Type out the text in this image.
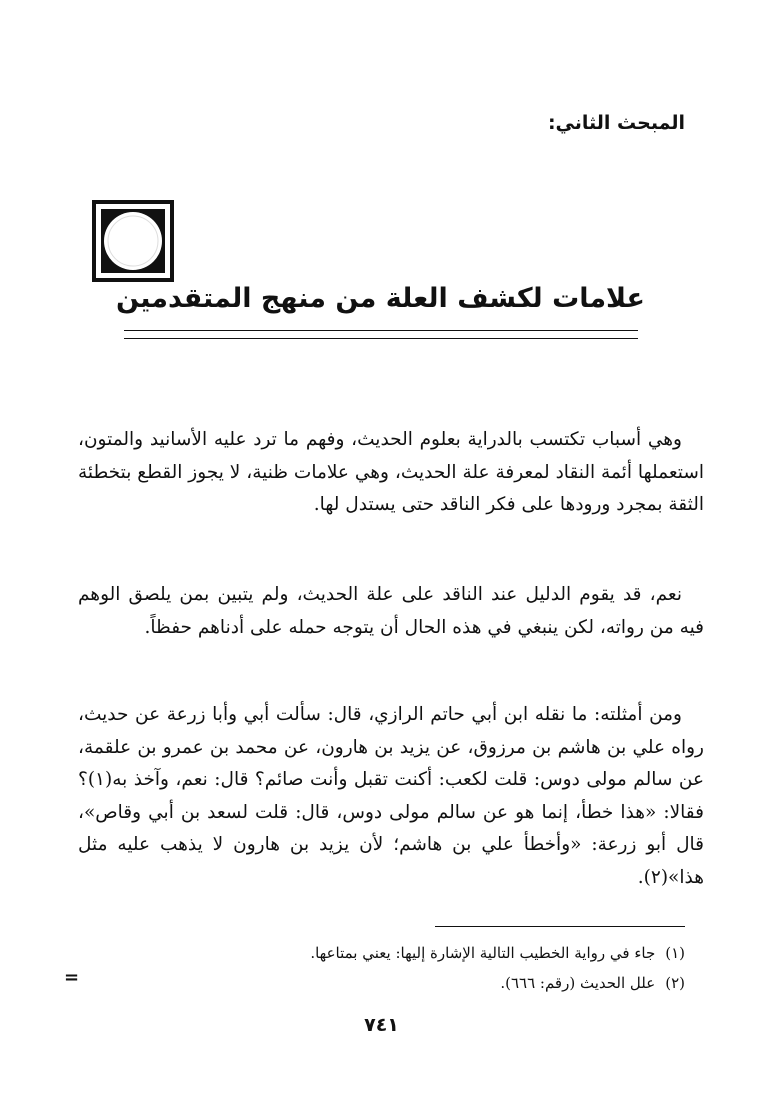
المبحث الثاني:
علامات لكشف العلة من منهج المتقدمين

وهي أسباب تكتسب بالدراية بعلوم الحديث، وفهم ما ترد عليه الأسانيد والمتون، استعملها أئمة النقاد لمعرفة علة الحديث، وهي علامات ظنية، لا يجوز القطع بتخطئة الثقة بمجرد ورودها على فكر الناقد حتى يستدل لها.

نعم، قد يقوم الدليل عند الناقد على علة الحديث، ولم يتبين بمن يلصق الوهم فيه من رواته، لكن ينبغي في هذه الحال أن يتوجه حمله على أدناهم حفظاً.

ومن أمثلته: ما نقله ابن أبي حاتم الرازي، قال: سألت أبي وأبا زرعة عن حديث، رواه علي بن هاشم بن مرزوق، عن يزيد بن هارون، عن محمد بن عمرو بن علقمة، عن سالم مولى دوس: قلت لكعب: أكنت تقبل وأنت صائم؟ قال: نعم، وآخذ به(١)؟ فقالا: «هذا خطأ، إنما هو عن سالم مولى دوس، قال: قلت لسعد بن أبي وقاص»، قال أبو زرعة: «وأخطأ علي بن هاشم؛ لأن يزيد بن هارون لا يذهب عليه مثل هذا»(٢).

(١)جاء في رواية الخطيب التالية الإشارة إليها: يعني بمتاعها.

(٢)علل الحديث (رقم: ٦٦٦).

=
٧٤١
